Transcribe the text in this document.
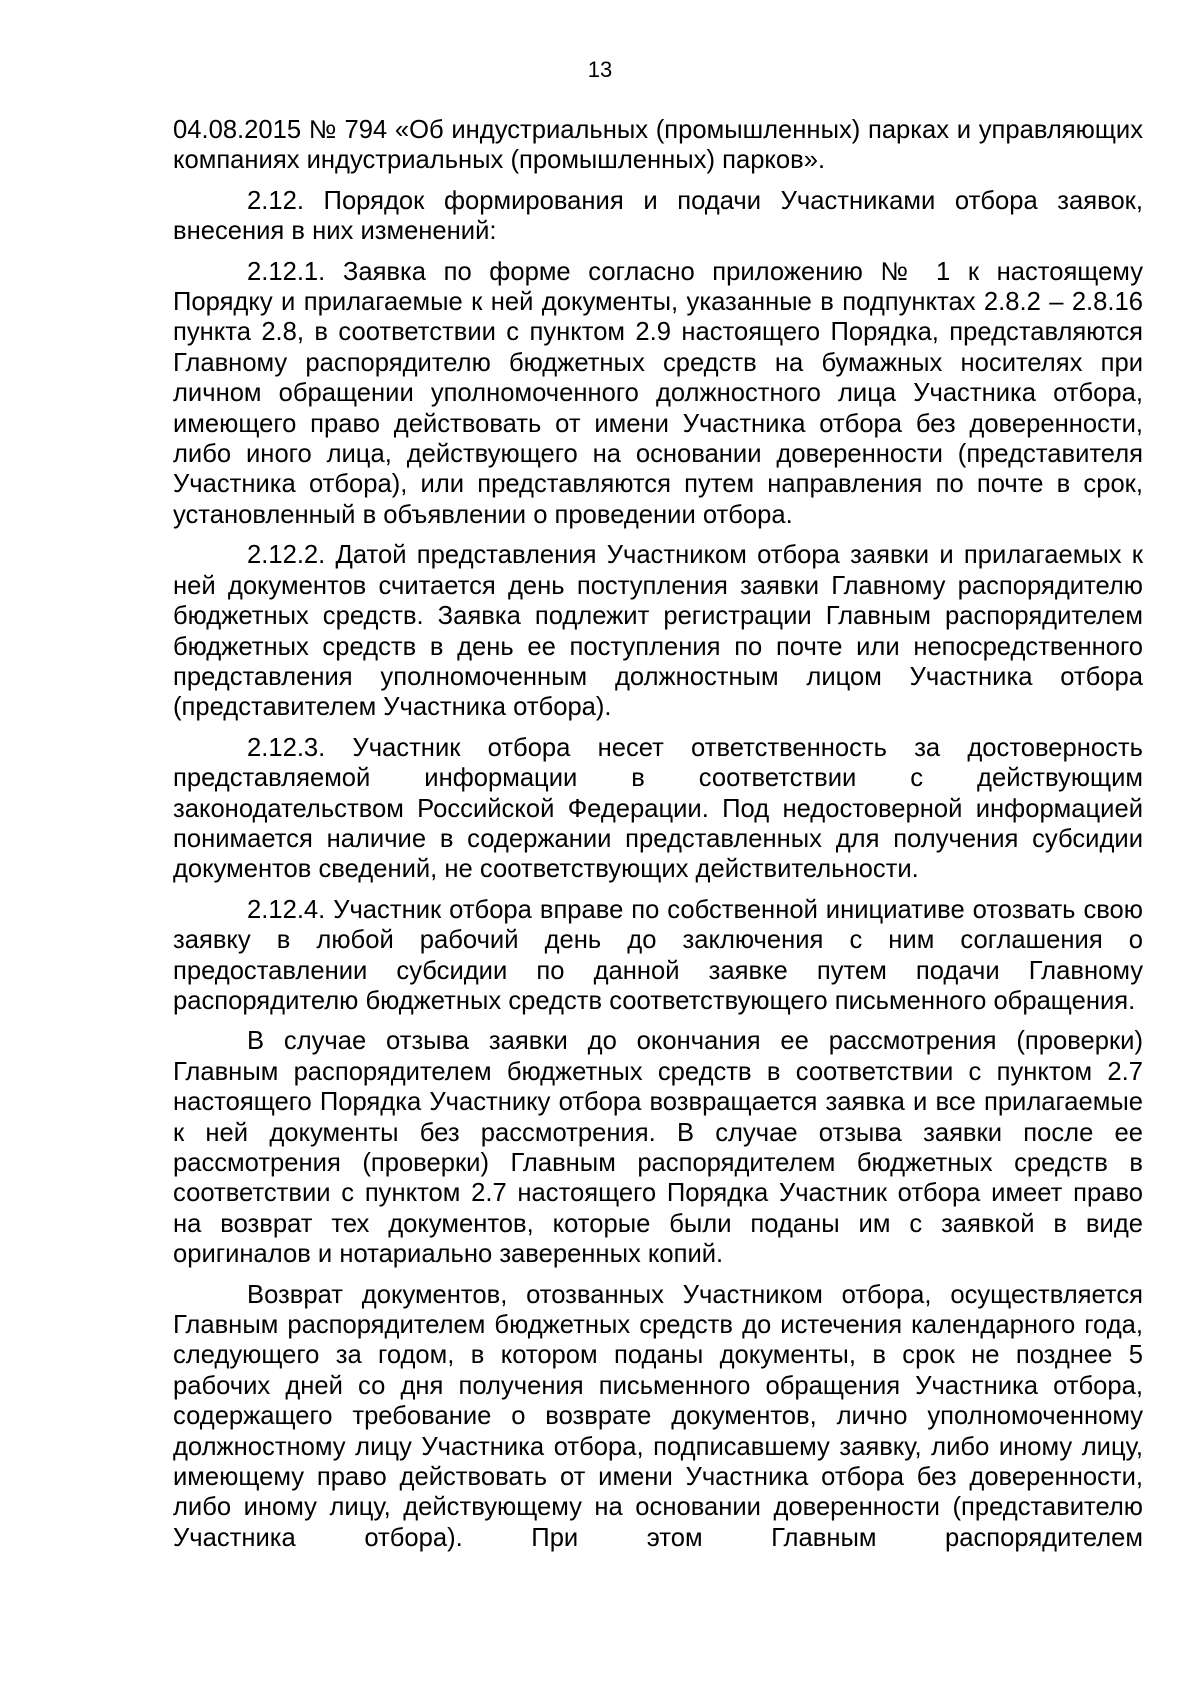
13

04.08.2015 № 794 «Об индустриальных (промышленных) парках и управляющих компаниях индустриальных (промышленных) парков».

2.12. Порядок формирования и подачи Участниками отбора заявок, внесения в них изменений:

2.12.1. Заявка по форме согласно приложению № 1 к настоящему Порядку и прилагаемые к ней документы, указанные в подпунктах 2.8.2 – 2.8.16 пункта 2.8, в соответствии с пунктом 2.9 настоящего Порядка, представляются Главному распорядителю бюджетных средств на бумажных носителях при личном обращении уполномоченного должностного лица Участника отбора, имеющего право действовать от имени Участника отбора без доверенности, либо иного лица, действующего на основании доверенности (представителя Участника отбора), или представляются путем направления по почте в срок, установленный в объявлении о проведении отбора.

2.12.2. Датой представления Участником отбора заявки и прилагаемых к ней документов считается день поступления заявки Главному распорядителю бюджетных средств. Заявка подлежит регистрации Главным распорядителем бюджетных средств в день ее поступления по почте или непосредственного представления уполномоченным должностным лицом Участника отбора (представителем Участника отбора).

2.12.3. Участник отбора несет ответственность за достоверность представляемой информации в соответствии с действующим законодательством Российской Федерации. Под недостоверной информацией понимается наличие в содержании представленных для получения субсидии документов сведений, не соответствующих действительности.

2.12.4. Участник отбора вправе по собственной инициативе отозвать свою заявку в любой рабочий день до заключения с ним соглашения о предоставлении субсидии по данной заявке путем подачи Главному распорядителю бюджетных средств соответствующего письменного обращения.

В случае отзыва заявки до окончания ее рассмотрения (проверки) Главным распорядителем бюджетных средств в соответствии с пунктом 2.7 настоящего Порядка Участнику отбора возвращается заявка и все прилагаемые к ней документы без рассмотрения. В случае отзыва заявки после ее рассмотрения (проверки) Главным распорядителем бюджетных средств в соответствии с пунктом 2.7 настоящего Порядка Участник отбора имеет право на возврат тех документов, которые были поданы им с заявкой в виде оригиналов и нотариально заверенных копий.

Возврат документов, отозванных Участником отбора, осуществляется Главным распорядителем бюджетных средств до истечения календарного года, следующего за годом, в котором поданы документы, в срок не позднее 5 рабочих дней со дня получения письменного обращения Участника отбора, содержащего требование о возврате документов, лично уполномоченному должностному лицу Участника отбора, подписавшему заявку, либо иному лицу, имеющему право действовать от имени Участника отбора без доверенности, либо иному лицу, действующему на основании доверенности (представителю Участника отбора). При этом Главным распорядителем
